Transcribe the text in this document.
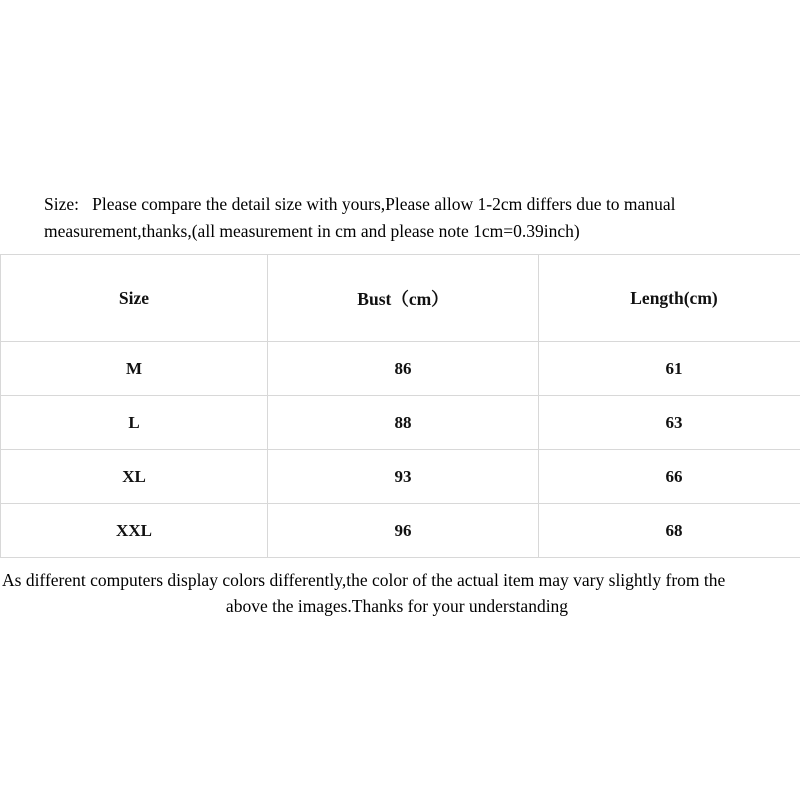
Size: Please compare the detail size with yours,Please allow 1-2cm differs due to manual measurement,thanks,(all measurement in cm and please note 1cm=0.39inch)
Size	Bust（cm）	Length(cm)
M	86	61
L	88	63
XL	93	66
XXL	96	68
As different computers display colors differently,the color of the actual item may vary slightly from the
above the images.Thanks for your understanding
